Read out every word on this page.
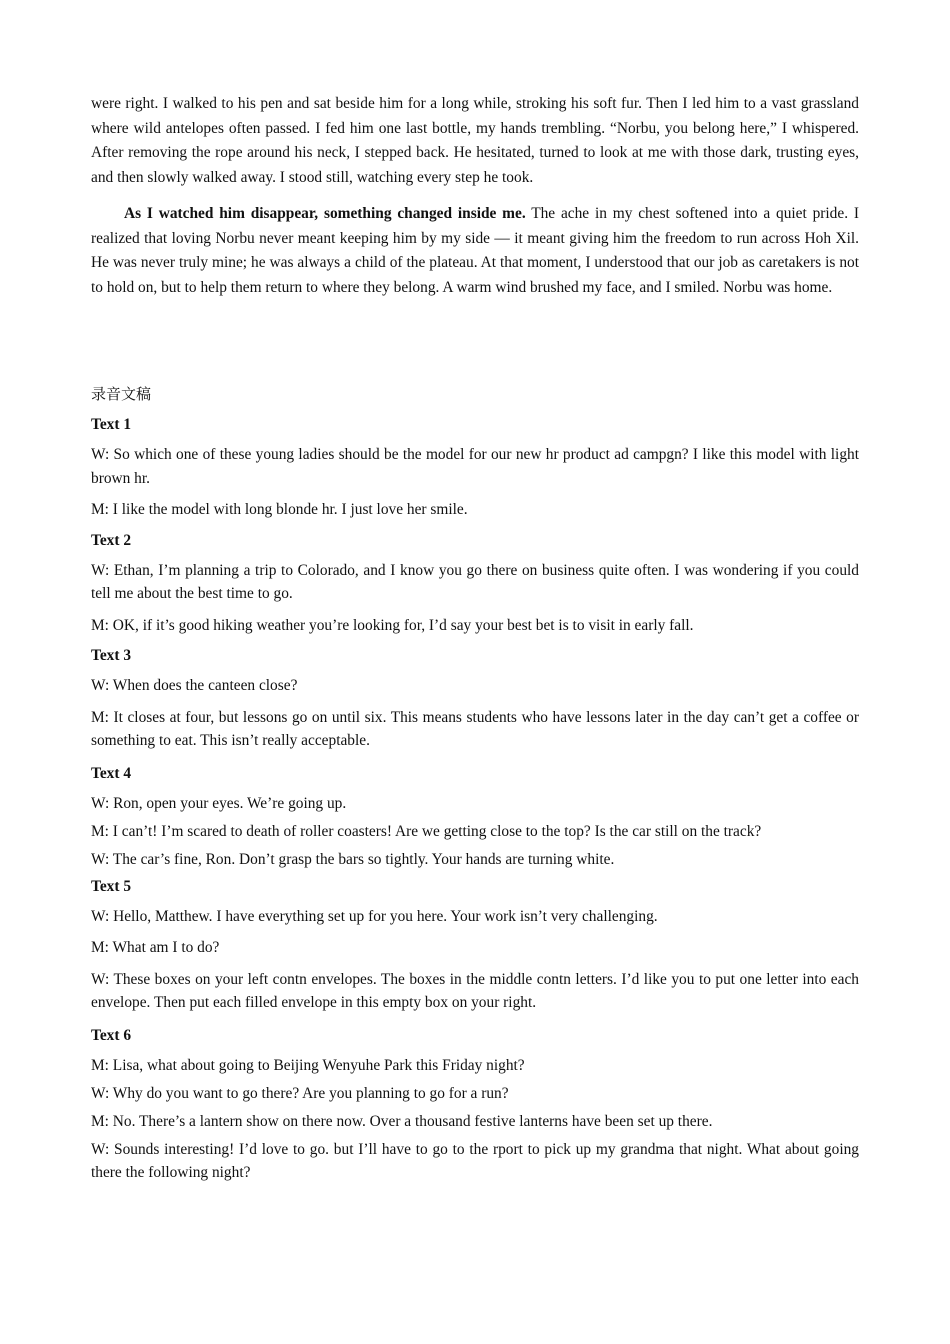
were right. I walked to his pen and sat beside him for a long while, stroking his soft fur. Then I led him to a vast grassland where wild antelopes often passed. I fed him one last bottle, my hands trembling. “Norbu, you belong here,” I whispered. After removing the rope around his neck, I stepped back. He hesitated, turned to look at me with those dark, trusting eyes, and then slowly walked away. I stood still, watching every step he took.

As I watched him disappear, something changed inside me. The ache in my chest softened into a quiet pride. I realized that loving Norbu never meant keeping him by my side — it meant giving him the freedom to run across Hoh Xil. He was never truly mine; he was always a child of the plateau. At that moment, I understood that our job as caretakers is not to hold on, but to help them return to where they belong. A warm wind brushed my face, and I smiled. Norbu was home.

录音文稿
Text 1

W: So which one of these young ladies should be the model for our new hr product ad campgn? I like this model with light brown hr.

M: I like the model with long blonde hr. I just love her smile.

Text 2

W: Ethan, I’m planning a trip to Colorado, and I know you go there on business quite often. I was wondering if you could tell me about the best time to go.

M: OK, if it’s good hiking weather you’re looking for, I’d say your best bet is to visit in early fall.

Text 3

W: When does the canteen close?

M: It closes at four, but lessons go on until six. This means students who have lessons later in the day can’t get a coffee or something to eat. This isn’t really acceptable.

Text 4

W: Ron, open your eyes. We’re going up.

M: I can’t! I’m scared to death of roller coasters! Are we getting close to the top? Is the car still on the track?

W: The car’s fine, Ron. Don’t grasp the bars so tightly. Your hands are turning white.

Text 5

W: Hello, Matthew. I have everything set up for you here. Your work isn’t very challenging.

M: What am I to do?

W: These boxes on your left contn envelopes. The boxes in the middle contn letters. I’d like you to put one letter into each envelope. Then put each filled envelope in this empty box on your right.

Text 6

M: Lisa, what about going to Beijing Wenyuhe Park this Friday night?

W: Why do you want to go there? Are you planning to go for a run?

M: No. There’s a lantern show on there now. Over a thousand festive lanterns have been set up there.

W: Sounds interesting! I’d love to go. but I’ll have to go to the rport to pick up my grandma that night. What about going there the following night?
